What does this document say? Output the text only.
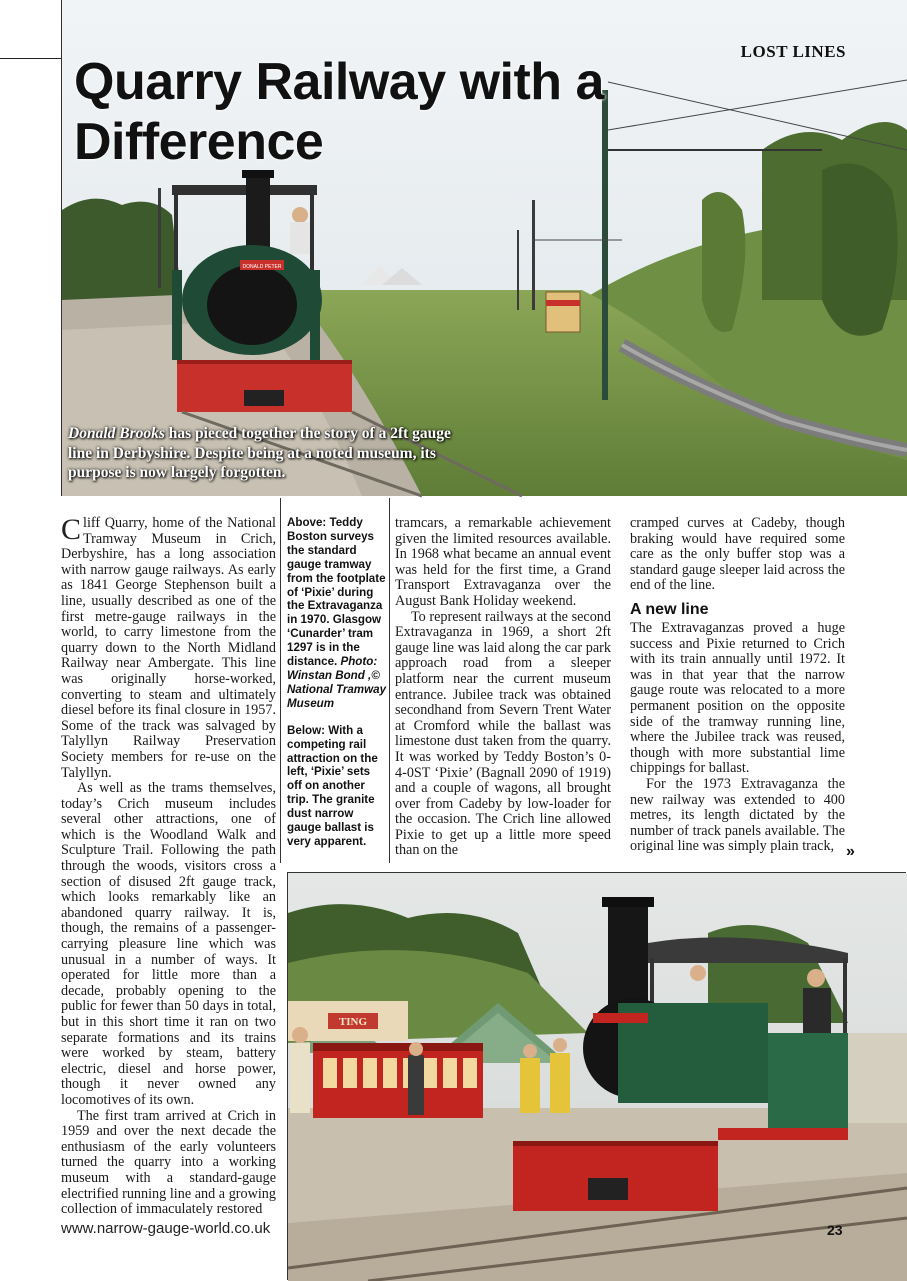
DONALD PETER
LOST LINES
Quarry Railway with a Difference
Donald Brooks has pieced together the story of a 2ft gauge line in Derbyshire. Despite being at a noted museum, its purpose is now largely forgotten.

Cliff Quarry, home of the National Tramway Museum in Crich, Derbyshire, has a long association with narrow gauge railways. As early as 1841 George Stephenson built a line, usually described as one of the first metre-gauge railways in the world, to carry limestone from the quarry down to the North Midland Railway near Ambergate. This line was originally horse-worked, converting to steam and ultimately diesel before its final closure in 1957. Some of the track was salvaged by Talyllyn Railway Preservation Society members for re-use on the Talyllyn.

As well as the trams themselves, today’s Crich museum includes several other attractions, one of which is the Woodland Walk and Sculpture Trail. Following the path through the woods, visitors cross a section of disused 2ft gauge track, which looks remarkably like an abandoned quarry railway. It is, though, the remains of a passenger-carrying pleasure line which was unusual in a number of ways. It operated for little more than a decade, probably opening to the public for fewer than 50 days in total, but in this short time it ran on two separate formations and its trains were worked by steam, battery electric, diesel and horse power, though it never owned any locomotives of its own.

The first tram arrived at Crich in 1959 and over the next decade the enthusiasm of the early volunteers turned the quarry into a working museum with a standard-gauge electrified running line and a growing collection of immaculately restored

Above: Teddy Boston surveys the standard gauge tramway from the footplate of ‘Pixie’ during the Extravaganza in 1970. Glasgow ‘Cunarder’ tram 1297 is in the distance. Photo: Winstan Bond ,© National Tramway Museum

Below: With a competing rail attraction on the left, ‘Pixie’ sets off on another trip. The granite dust narrow gauge ballast is very apparent.

tramcars, a remarkable achievement given the limited resources available. In 1968 what became an annual event was held for the first time, a Grand Transport Extravaganza over the August Bank Holiday weekend.

To represent railways at the second Extravaganza in 1969, a short 2ft gauge line was laid along the car park approach road from a sleeper platform near the current museum entrance. Jubilee track was obtained secondhand from Severn Trent Water at Cromford while the ballast was limestone dust taken from the quarry. It was worked by Teddy Boston’s 0-4-0ST ‘Pixie’ (Bagnall 2090 of 1919) and a couple of wagons, all brought over from Cadeby by low-loader for the occasion. The Crich line allowed Pixie to get up a little more speed than on the

cramped curves at Cadeby, though braking would have required some care as the only buffer stop was a standard gauge sleeper laid across the end of the line.

A new line

The Extravaganzas proved a huge success and Pixie returned to Crich with its train annually until 1972. It was in that year that the narrow gauge route was relocated to a more permanent position on the opposite side of the tramway running line, where the Jubilee track was reused, though with more substantial lime chippings for ballast.

For the 1973 Extravaganza the new railway was extended to 400 metres, its length dictated by the number of track panels available. The original line was simply plain track, »
TING
www.narrow-gauge-world.co.uk	23
